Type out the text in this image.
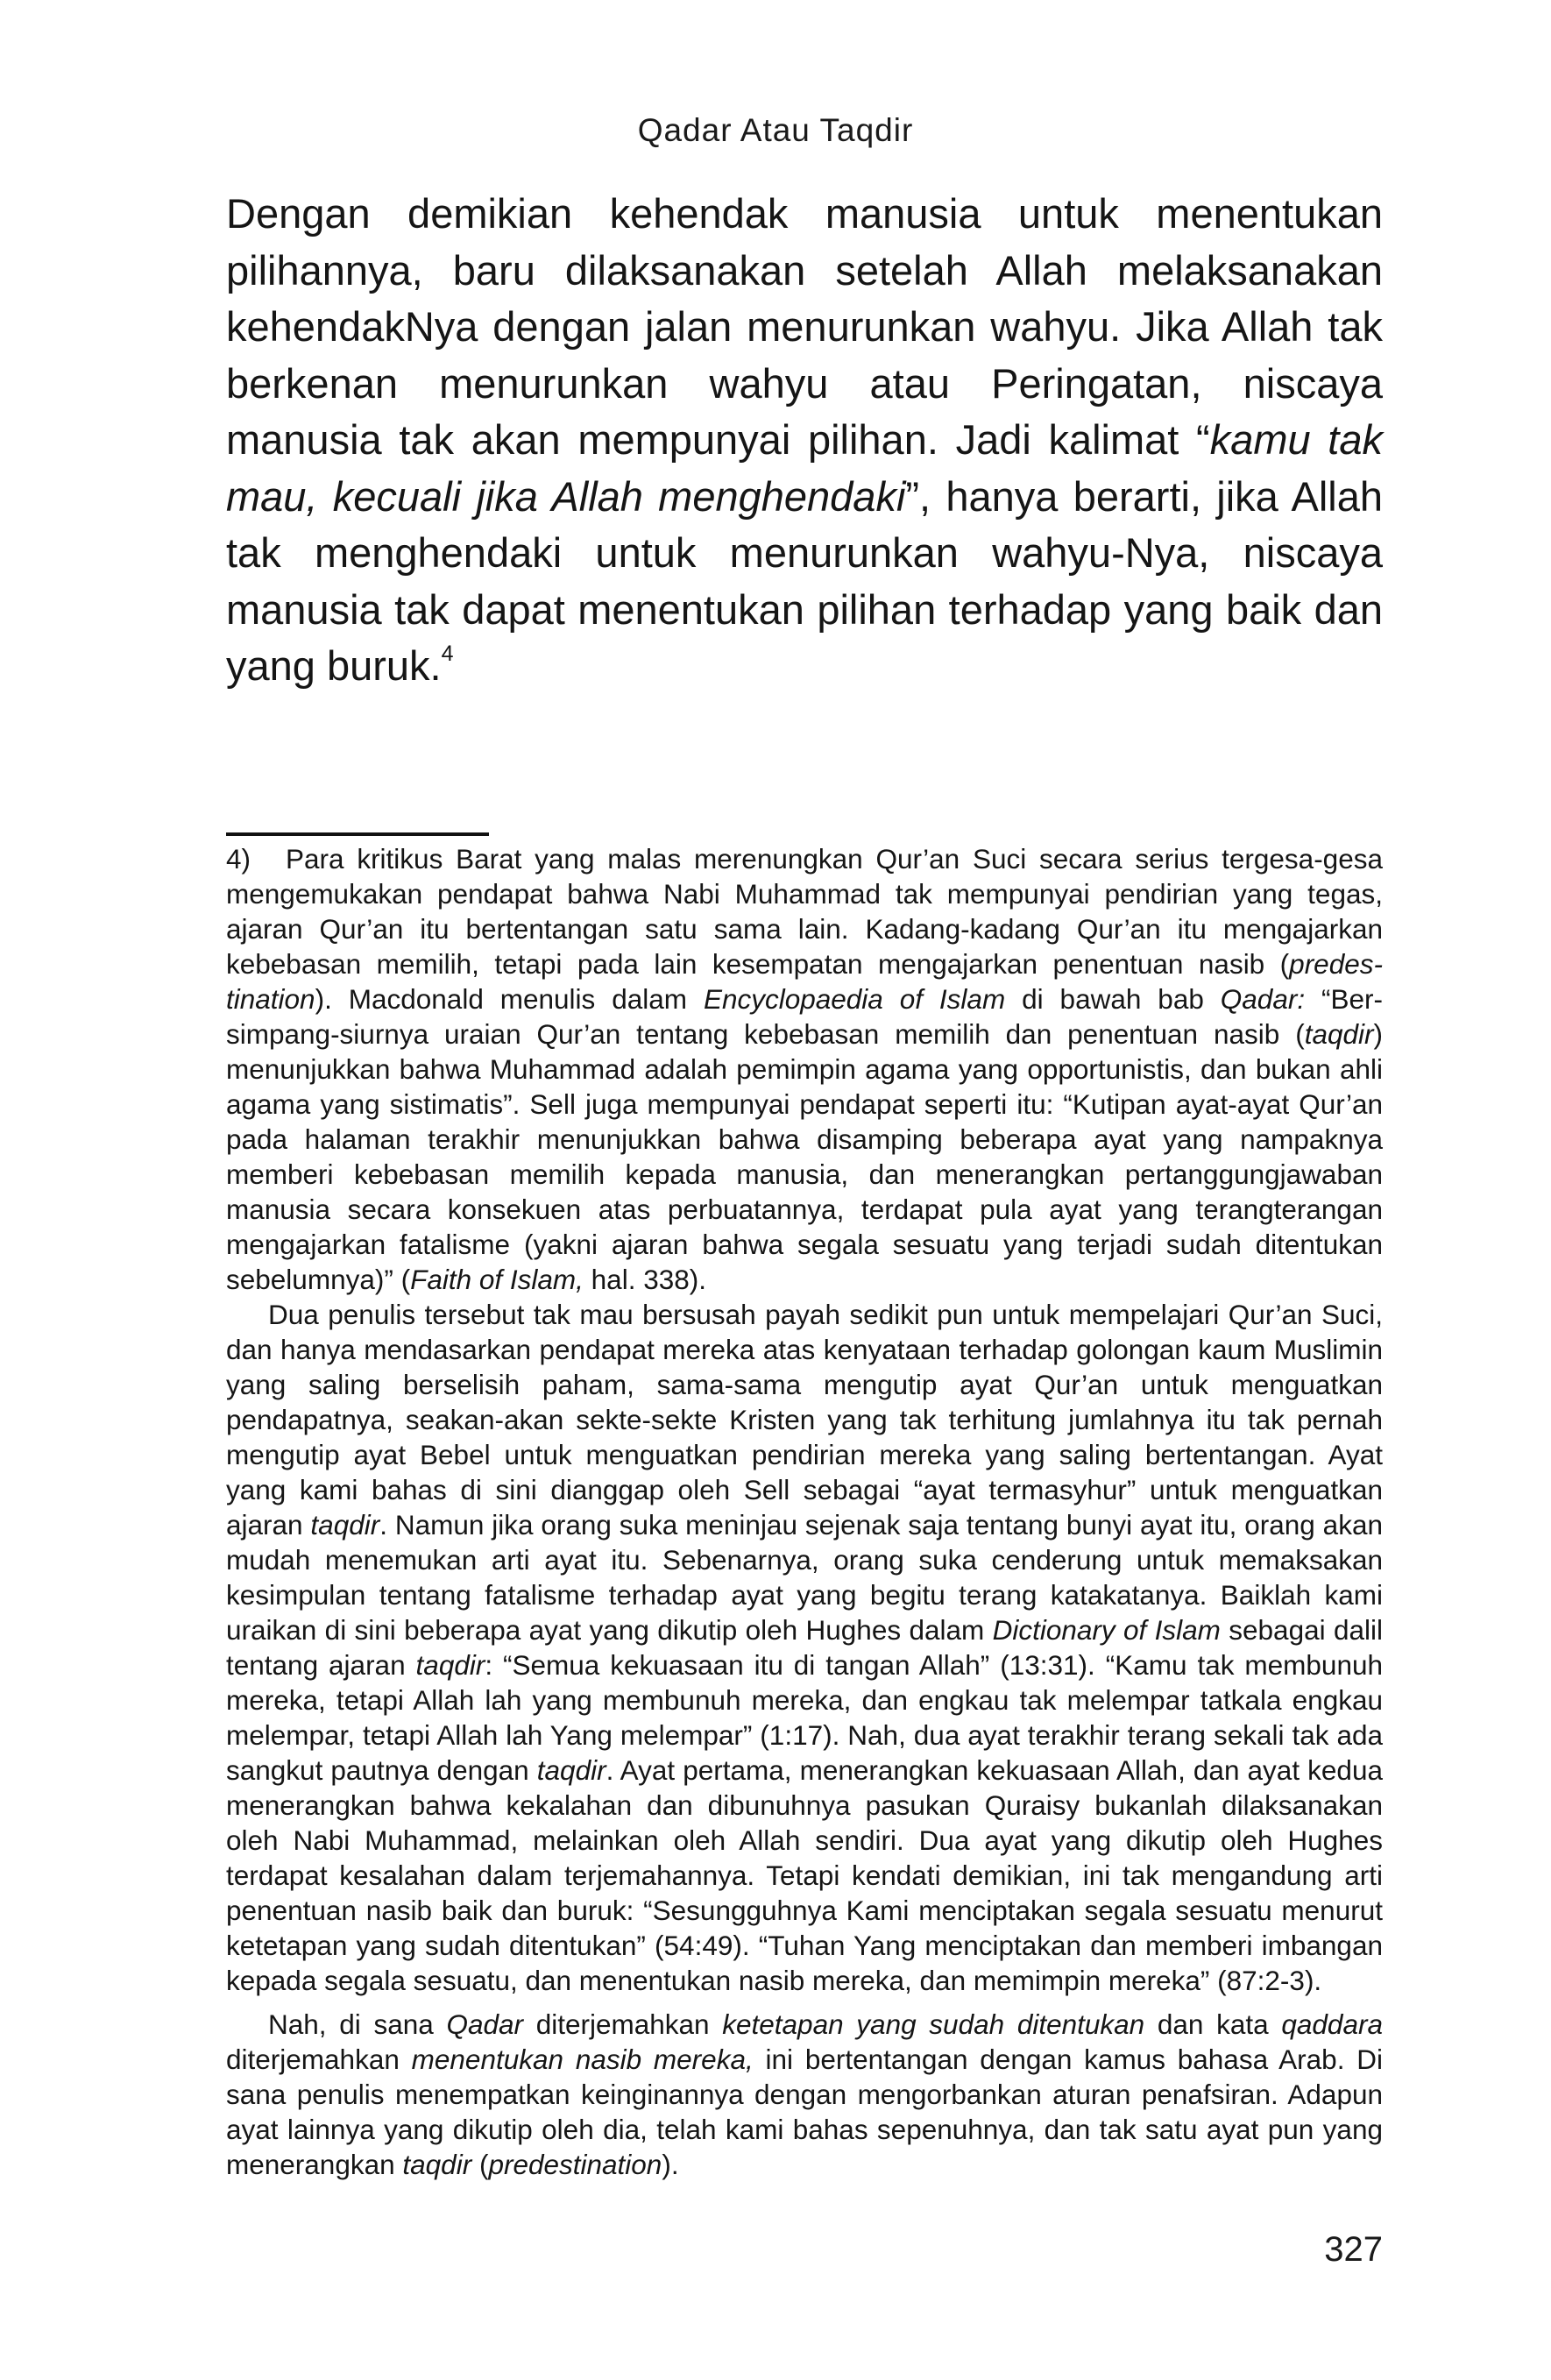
Qadar Atau Taqdir

Dengan demikian kehendak manusia untuk menentukan pilihannya, baru dilaksanakan setelah Allah melaksanakan kehendakNya dengan jalan menurunkan wahyu. Jika Allah tak berkenan menurunkan wahyu atau Peringatan, niscaya manusia tak akan mempunyai pilihan. Jadi kalimat “kamu tak mau, kecuali jika Allah menghendaki”, hanya berarti, jika Allah tak menghendaki untuk menurunkan wahyu-Nya, niscaya manusia tak dapat menentukan pilihan terhadap yang baik dan yang buruk.$^4$

4) Para kritikus Barat yang malas merenungkan Qur’an Suci secara serius tergesa-gesa mengemukakan pendapat bahwa Nabi Muhammad tak mempunyai pendirian yang tegas, ajaran Qur’an itu bertentangan satu sama lain. Kadang-kadang Qur’an itu mengajarkan kebebasan memilih, tetapi pada lain kesempatan mengajarkan penentuan nasib (predestination). Macdonald menulis dalam Encyclopaedia of Islam di bawah bab Qadar: “Bersimpang-siurnya uraian Qur’an tentang kebebasan memilih dan penentuan nasib (taqdir) menunjukkan bahwa Muhammad adalah pemimpin agama yang opportunistis, dan bukan ahli agama yang sistimatis”. Sell juga mempunyai pendapat seperti itu: “Kutipan ayat-ayat Qur’an pada halaman terakhir menunjukkan bahwa disamping beberapa ayat yang nampaknya memberi kebebasan memilih kepada manusia, dan menerangkan pertanggungjawaban manusia secara konsekuen atas perbuatannya, terdapat pula ayat yang terangterangan mengajarkan fatalisme (yakni ajaran bahwa segala sesuatu yang terjadi sudah ditentukan sebelumnya)” (Faith of Islam, hal. 338).

Dua penulis tersebut tak mau bersusah payah sedikit pun untuk mempelajari Qur’an Suci, dan hanya mendasarkan pendapat mereka atas kenyataan terhadap golongan kaum Muslimin yang saling berselisih paham, sama-sama mengutip ayat Qur’an untuk menguatkan pendapatnya, seakan-akan sekte-sekte Kristen yang tak terhitung jumlahnya itu tak pernah mengutip ayat Bebel untuk menguatkan pendirian mereka yang saling bertentangan. Ayat yang kami bahas di sini dianggap oleh Sell sebagai “ayat termasyhur” untuk menguatkan ajaran taqdir. Namun jika orang suka meninjau sejenak saja tentang bunyi ayat itu, orang akan mudah menemukan arti ayat itu. Sebenarnya, orang suka cenderung untuk memaksakan kesimpulan tentang fatalisme terhadap ayat yang begitu terang katakatanya. Baiklah kami uraikan di sini beberapa ayat yang dikutip oleh Hughes dalam Dictionary of Islam sebagai dalil tentang ajaran taqdir: “Semua kekuasaan itu di tangan Allah” (13:31). “Kamu tak membunuh mereka, tetapi Allah lah yang membunuh mereka, dan engkau tak melempar tatkala engkau melempar, tetapi Allah lah Yang melempar” (1:17). Nah, dua ayat terakhir terang sekali tak ada sangkut pautnya dengan taqdir. Ayat pertama, menerangkan kekuasaan Allah, dan ayat kedua menerangkan bahwa kekalahan dan dibunuhnya pasukan Quraisy bukanlah dilaksanakan oleh Nabi Muhammad, melainkan oleh Allah sendiri. Dua ayat yang dikutip oleh Hughes terdapat kesalahan dalam terjemahannya. Tetapi kendati demikian, ini tak mengandung arti penentuan nasib baik dan buruk: “Sesungguhnya Kami menciptakan segala sesuatu menurut ketetapan yang sudah ditentukan” (54:49). “Tuhan Yang menciptakan dan memberi imbangan kepada segala sesuatu, dan menentukan nasib mereka, dan memimpin mereka” (87:2-3).

Nah, di sana Qadar diterjemahkan ketetapan yang sudah ditentukan dan kata qaddara diterjemahkan menentukan nasib mereka, ini bertentangan dengan kamus bahasa Arab. Di sana penulis menempatkan keinginannya dengan mengorbankan aturan penafsiran. Adapun ayat lainnya yang dikutip oleh dia, telah kami bahas sepenuhnya, dan tak satu ayat pun yang menerangkan taqdir (predestination).

327
